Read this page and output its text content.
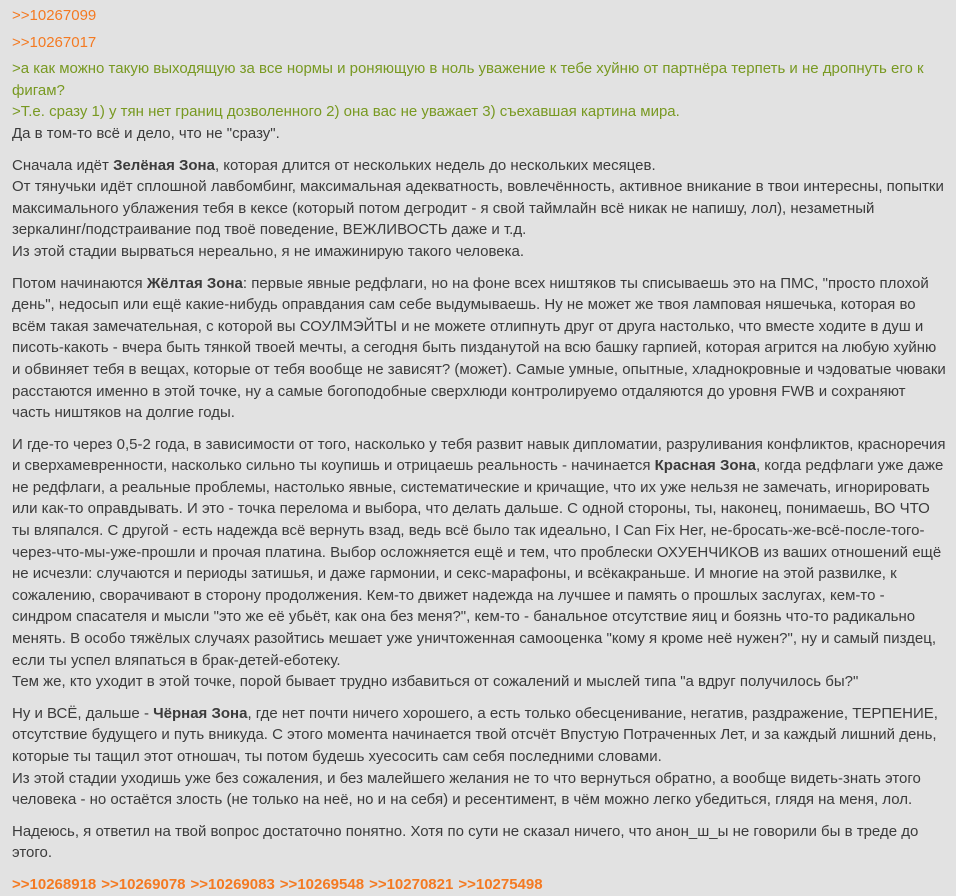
>>10267099
>>10267017
>а как можно такую выходящую за все нормы и роняющую в ноль уважение к тебе хуйню от партнёра терпеть и не дропнуть его к фигам?
>Т.е. сразу 1) у тян нет границ дозволенного 2) она вас не уважает 3) съехавшая картина мира.
Да в том-то всё и дело, что не "сразу".
Сначала идёт Зелёная Зона, которая длится от нескольких недель до нескольких месяцев.
От тянучьки идёт сплошной лавбомбинг, максимальная адекватность, вовлечённость, активное вникание в твои интересны, попытки максимального ублажения тебя в кексе (который потом дегродит - я свой таймлайн всё никак не напишу, лол), незаметный зеркалинг/подстраивание под твоё поведение, ВЕЖЛИВОСТЬ даже и т.д.
Из этой стадии вырваться нереально, я не имажинирую такого человека.
Потом начинаются Жёлтая Зона: первые явные редфлаги, но на фоне всех ништяков ты списываешь это на ПМС, "просто плохой день", недосып или ещё какие-нибудь оправдания сам себе выдумываешь. Ну не может же твоя ламповая няшечька, которая во всём такая замечательная, с которой вы СОУЛМЭЙТЫ и не можете отлипнуть друг от друга настолько, что вместе ходите в душ и писоть-какоть - вчера быть тянкой твоей мечты, а сегодня быть пизданутой на всю башку гарпией, которая агрится на любую хуйню и обвиняет тебя в вещах, которые от тебя вообще не зависят? (может). Самые умные, опытные, хладнокровные и чэдоватые чюваки расстаются именно в этой точке, ну а самые богоподобные сверхлюди контролируемо отдаляются до уровня FWB и сохраняют часть ништяков на долгие годы.
И где-то через 0,5-2 года, в зависимости от того, насколько у тебя развит навык дипломатии, разруливания конфликтов, красноречия и сверхамевренности, насколько сильно ты коупишь и отрицаешь реальность - начинается Красная Зона, когда редфлаги уже даже не редфлаги, а реальные проблемы, настолько явные, систематические и кричащие, что их уже нельзя не замечать, игнорировать или как-то оправдывать. И это - точка перелома и выбора, что делать дальше. С одной стороны, ты, наконец, понимаешь, ВО ЧТО ты вляпался. С другой - есть надежда всё вернуть взад, ведь всё было так идеально, I Can Fix Her, не-бросать-же-всё-после-того-через-что-мы-уже-прошли и прочая платина. Выбор осложняется ещё и тем, что проблески ОХУЕНЧИКОВ из ваших отношений ещё не исчезли: случаются и периоды затишья, и даже гармонии, и секс-марафоны, и всёкакраньше. И многие на этой развилке, к сожалению, сворачивают в сторону продолжения. Кем-то движет надежда на лучшее и память о прошлых заслугах, кем-то - синдром спасателя и мысли "это же её убьёт, как она без меня?", кем-то - банальное отсутствие яиц и боязнь что-то радикально менять. В особо тяжёлых случаях разойтись мешает уже уничтоженная самооценка "кому я кроме неё нужен?", ну и самый пиздец, если ты успел вляпаться в брак-детей-еботеку.
Тем же, кто уходит в этой точке, порой бывает трудно избавиться от сожалений и мыслей типа "а вдруг получилось бы?"
Ну и ВСЁ, дальше - Чёрная Зона, где нет почти ничего хорошего, а есть только обесценивание, негатив, раздражение, ТЕРПЕНИЕ, отсутствие будущего и путь вникуда. С этого момента начинается твой отсчёт Впустую Потраченных Лет, и за каждый лишний день, которые ты тащил этот отношач, ты потом будешь хуесосить сам себя последними словами.
Из этой стадии уходишь уже без сожаления, и без малейшего желания не то что вернуться обратно, а вообще видеть-знать этого человека - но остаётся злость (не только на неё, но и на себя) и ресентимент, в чём можно легко убедиться, глядя на меня, лол.
Надеюсь, я ответил на твой вопрос достаточно понятно. Хотя по сути не сказал ничего, что анон_ш_ы не говорили бы в треде до этого.
>>10268918 >>10269078 >>10269083 >>10269548 >>10270821 >>10275498
